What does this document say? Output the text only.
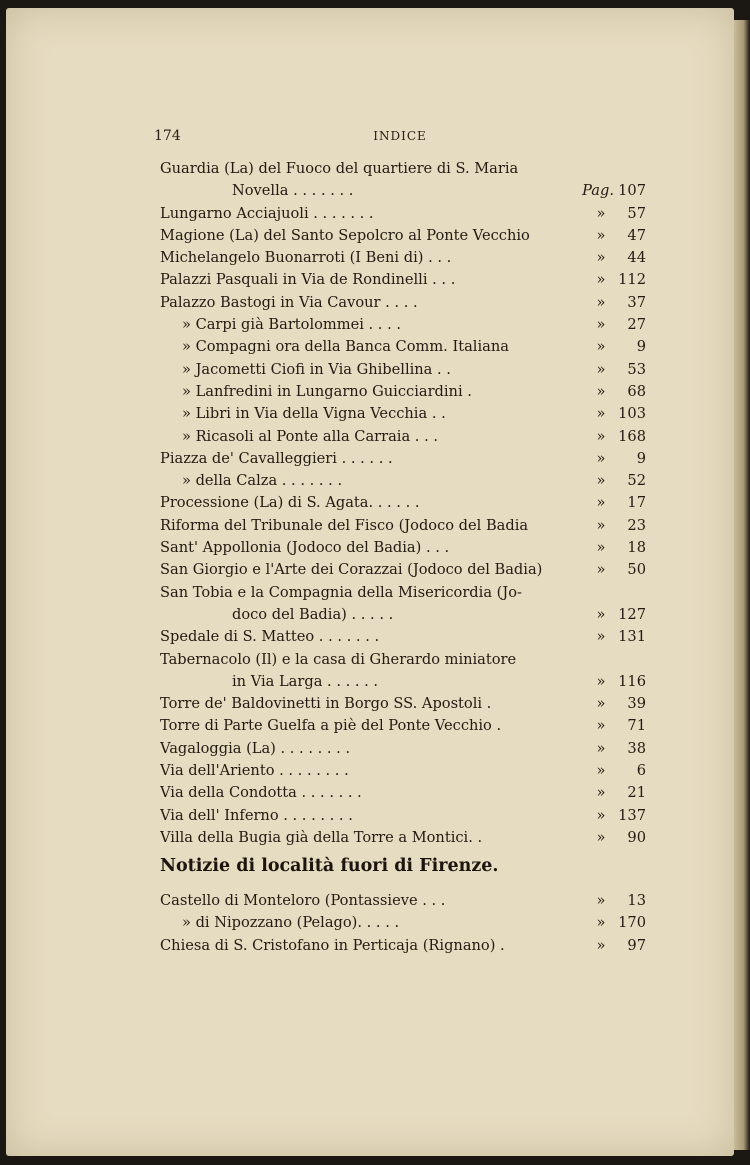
174	INDICE
Guardia (La) del Fuoco del quartiere di S. Maria
Novella . . . . . . .	Pag. 107
Lungarno Acciajuoli . . . . . . .	»	57
Magione (La) del Santo Sepolcro al Ponte Vecchio	»	47
Michelangelo Buonarroti (I Beni di) . . .	»	44
Palazzi Pasquali in Via de Rondinelli . . .	» 112
Palazzo Bastogi in Via Cavour . . . .	»	37
» Carpi già Bartolommei . . . .	»	27
» Compagni ora della Banca Comm. Italiana	»	9
» Jacometti Ciofi in Via Ghibellina . .	»	53
» Lanfredini in Lungarno Guicciardini .	»	68
» Libri in Via della Vigna Vecchia . .	» 103
» Ricasoli al Ponte alla Carraia . . .	» 168
Piazza de' Cavalleggieri . . . . . .	»	9
» della Calza . . . . . . .	»	52
Processione (La) di S. Agata. . . . . .	»	17
Riforma del Tribunale del Fisco (Jodoco del Badia	»	23
Sant' Appollonia (Jodoco del Badia) . . .	»	18
San Giorgio e l'Arte dei Corazzai (Jodoco del Badia)	»	50
San Tobia e la Compagnia della Misericordia (Jo-
doco del Badia) . . . . .	» 127
Spedale di S. Matteo . . . . . . .	» 131
Tabernacolo (Il) e la casa di Gherardo miniatore
in Via Larga . . . . . .	» 116
Torre de' Baldovinetti in Borgo SS. Apostoli .	»	39
Torre di Parte Guelfa a piè del Ponte Vecchio .	»	71
Vagaloggia (La) . . . . . . . .	»	38
Via dell'Ariento . . . . . . . .	»	6
Via della Condotta . . . . . . .	»	21
Via dell' Inferno . . . . . . . .	» 137
Villa della Bugia già della Torre a Montici. .	»	90
Notizie di località fuori di Firenze.
Castello di Monteloro (Pontassieve . . .	»	13
» di Nipozzano (Pelago). . . . .	» 170
Chiesa di S. Cristofano in Perticaja (Rignano) .	»	97
